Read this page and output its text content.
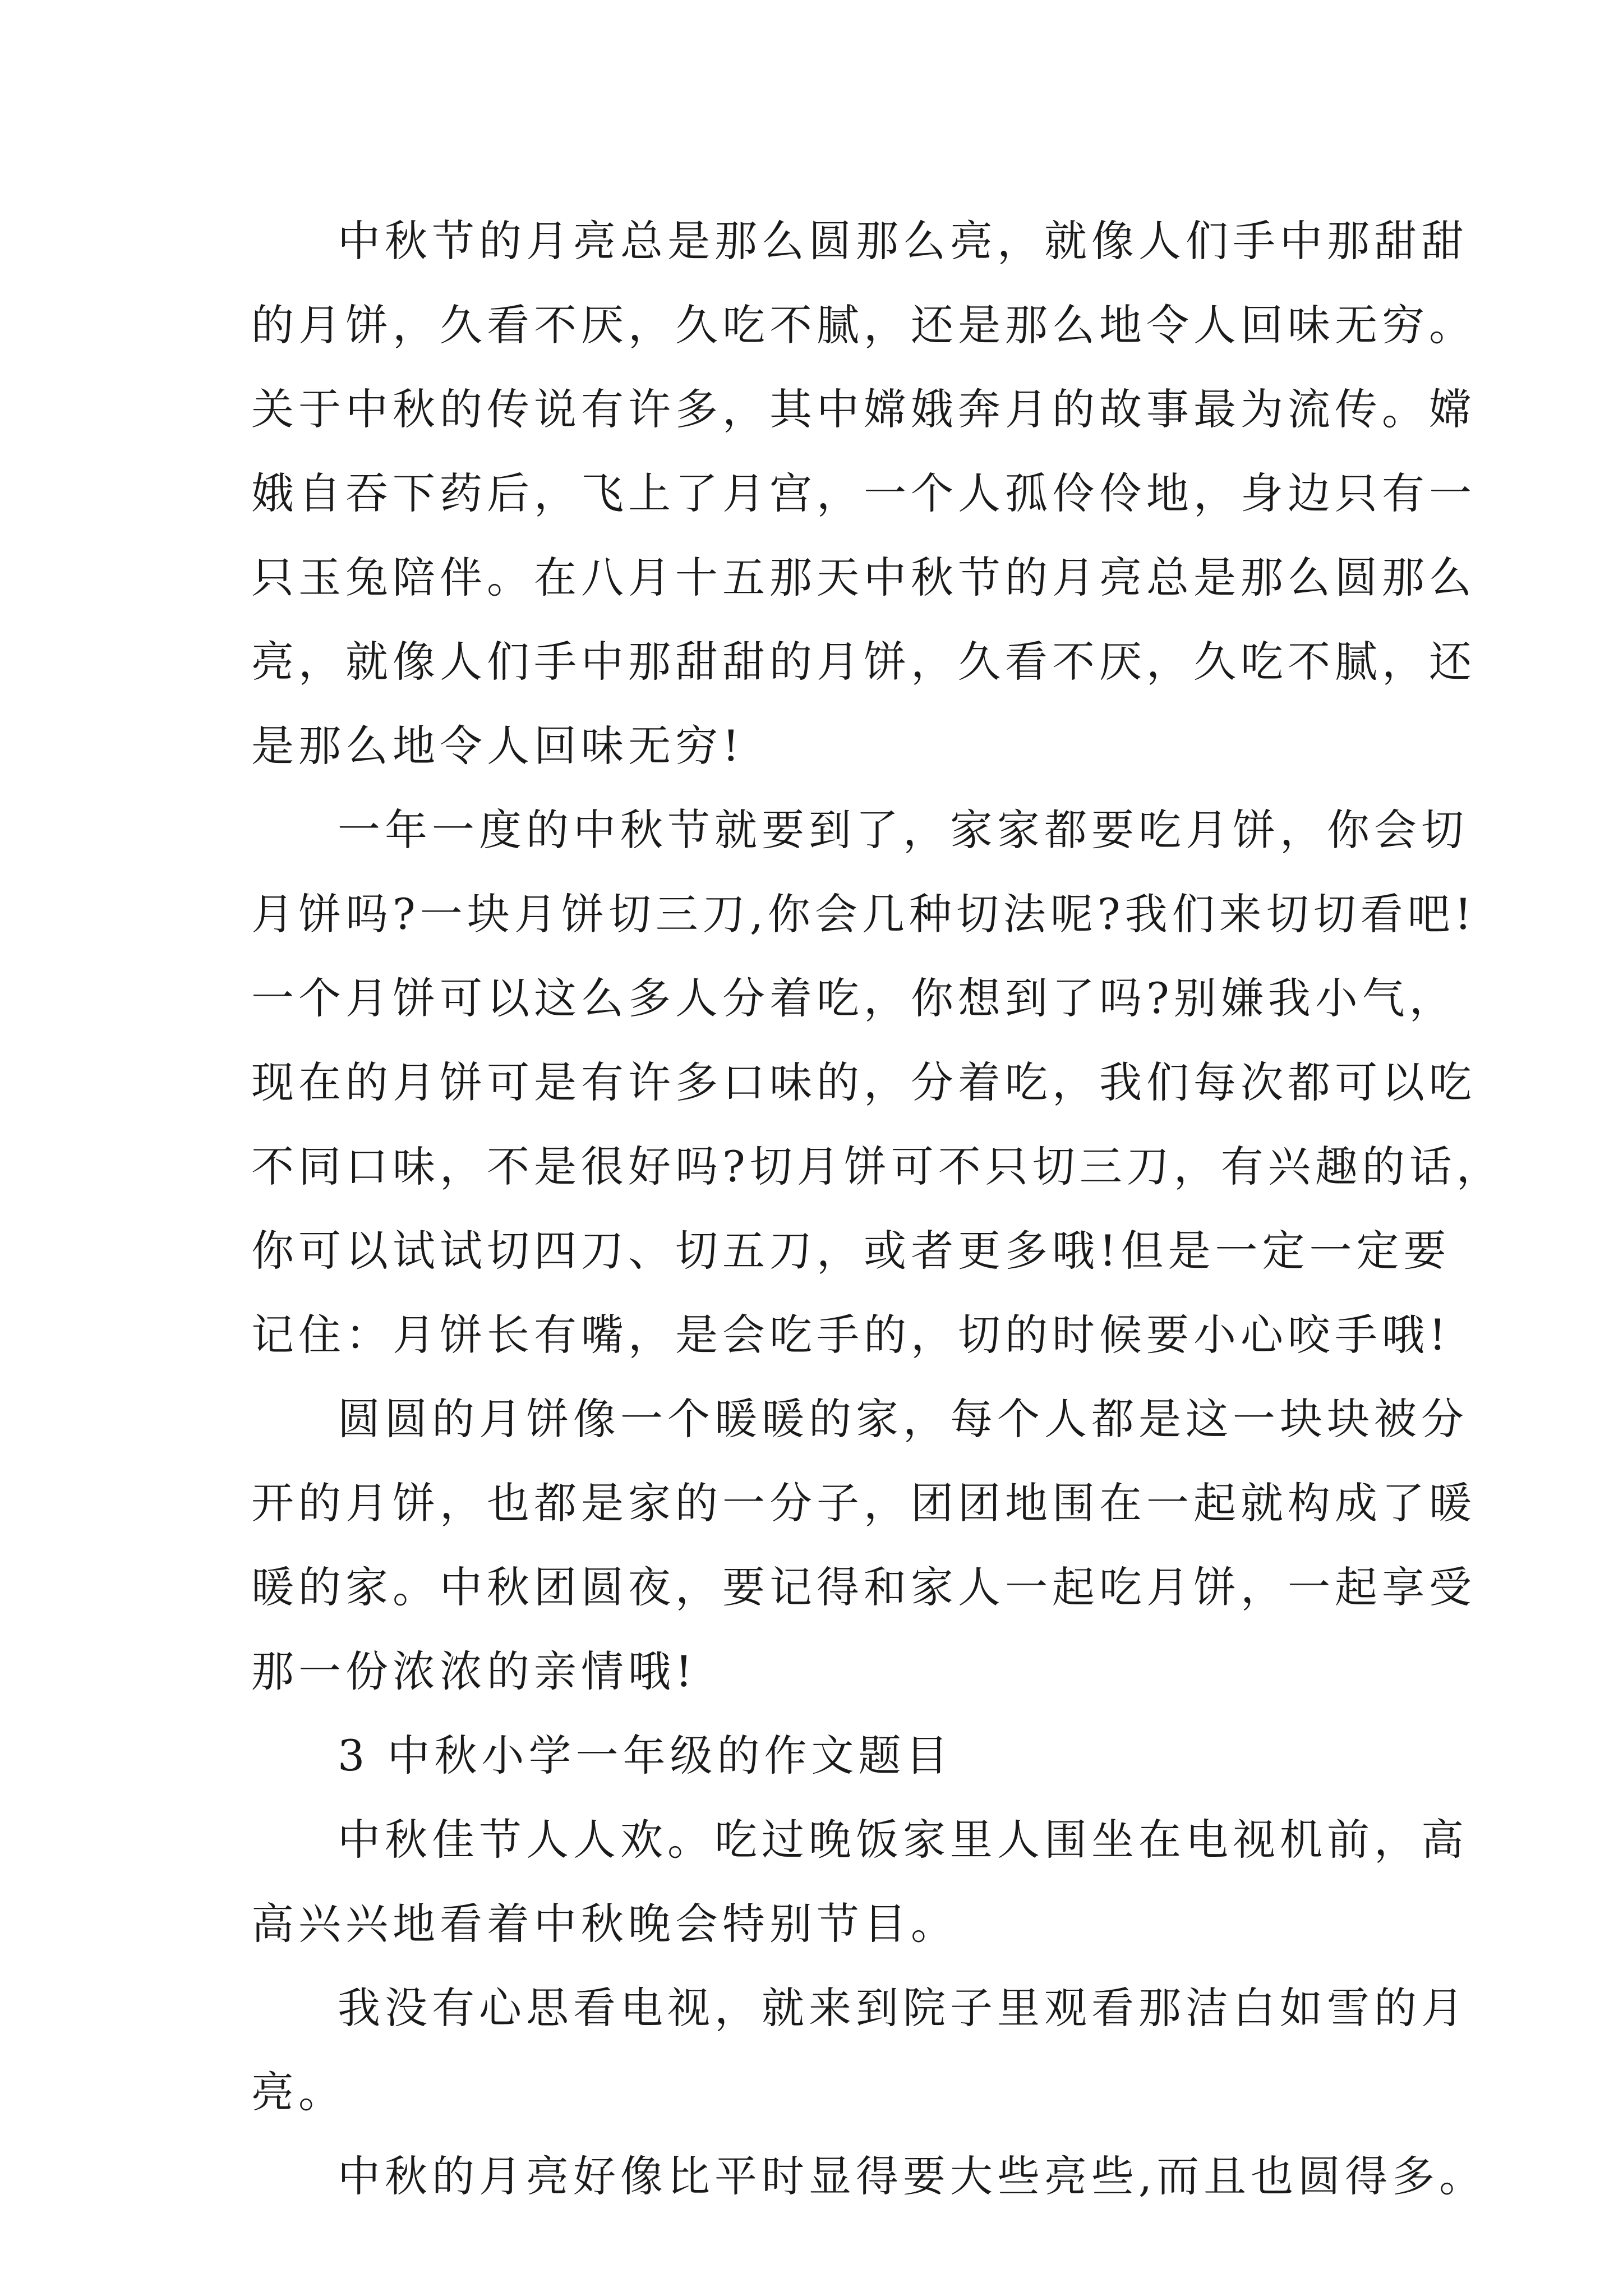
中秋节的月亮总是那么圆那么亮，就像人们手中那甜甜
的月饼，久看不厌，久吃不腻，还是那么地令人回味无穷。
关于中秋的传说有许多，其中嫦娥奔月的故事最为流传。嫦
娥自吞下药后，飞上了月宫，一个人孤伶伶地，身边只有一
只玉兔陪伴。在八月十五那天中秋节的月亮总是那么圆那么
亮，就像人们手中那甜甜的月饼，久看不厌，久吃不腻，还
是那么地令人回味无穷!

一年一度的中秋节就要到了，家家都要吃月饼，你会切
月饼吗?一块月饼切三刀,你会几种切法呢?我们来切切看吧!
一个月饼可以这么多人分着吃，你想到了吗?别嫌我小气，
现在的月饼可是有许多口味的，分着吃，我们每次都可以吃
不同口味，不是很好吗?切月饼可不只切三刀，有兴趣的话，
你可以试试切四刀、切五刀，或者更多哦!但是一定一定要
记住：月饼长有嘴，是会吃手的，切的时候要小心咬手哦!

圆圆的月饼像一个暖暖的家，每个人都是这一块块被分
开的月饼，也都是家的一分子，团团地围在一起就构成了暖
暖的家。中秋团圆夜，要记得和家人一起吃月饼，一起享受
那一份浓浓的亲情哦!

3 中秋小学一年级的作文题目

中秋佳节人人欢。吃过晚饭家里人围坐在电视机前，高
高兴兴地看着中秋晚会特别节目。

我没有心思看电视，就来到院子里观看那洁白如雪的月
亮。

中秋的月亮好像比平时显得要大些亮些,而且也圆得多。
